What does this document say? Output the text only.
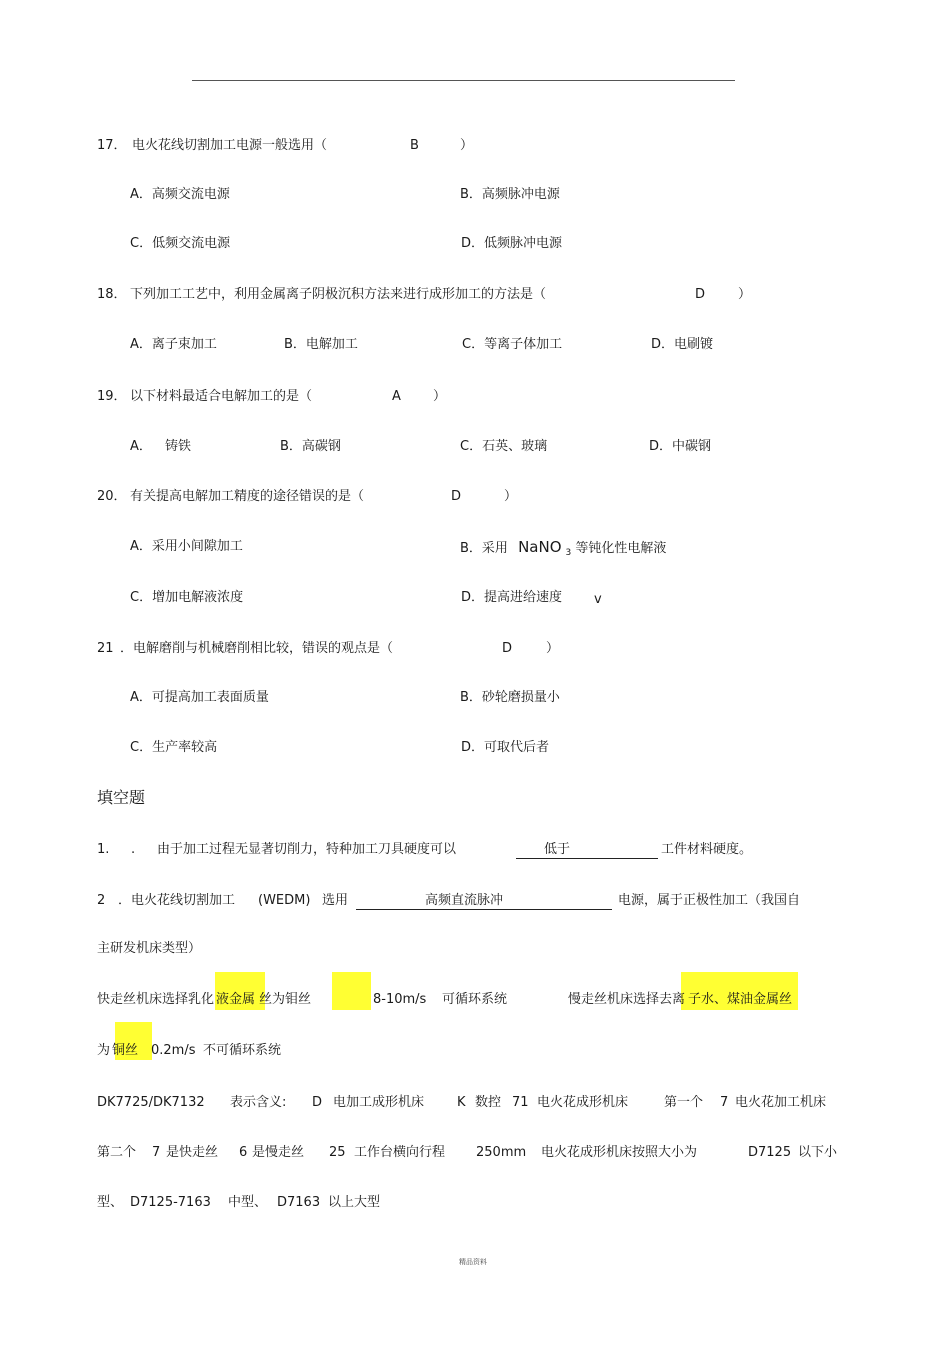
17． 电火花线切割加工电源一般选用（	B	）
A．高频交流电源	B．高频脉冲电源
C．低频交流电源	D．低频脉冲电源
18． 下列加工工艺中，利用金属离子阴极沉积方法来进行成形加工的方法是（	D	）
A．离子束加工	B．电解加工	C．等离子体加工	D．电刷镀
19． 以下材料最适合电解加工的是（	A ）
A． 铸铁	B．高碳钢	C．石英、玻璃	D．中碳钢
20． 有关提高电解加工精度的途径错误的是（	D	）
A．采用小间隙加工	B．采用 NaNO $_3$ 等钝化性电解液
C．增加电解液浓度	D．提高进给速度 v
21 ．电解磨削与机械磨削相比较，错误的观点是（	D	）
A．可提高加工表面质量	B．砂轮磨损量小
C．生产率较高	D．可取代后者
填空题
1. . 由于加工过程无显著切削力，特种加工刀具硬度可以	低于	工件材料硬度。
2 ．电火花线切割加工 (WEDM) 选用	高频直流脉冲	电源，属于正极性加工（我国自
主研发机床类型）
快走丝机床选择乳化 液金属 丝为钼丝	8-10m/s 可循环系统	慢走丝机床选择去离 子水、煤油金属丝
为 铜丝 0.2m/s 不可循环系统
DK7725/DK7132 表示含义: D 电加工成形机床	K 数控 71 电火花成形机床	第一个 7 电火花加工机床
第二个 7 是快走丝 6 是慢走丝 25 工作台横向行程 250mm 电火花成形机床按照大小为	D7125 以下小
型、 D7125-7163 中型、 D7163 以上大型
精品资料
